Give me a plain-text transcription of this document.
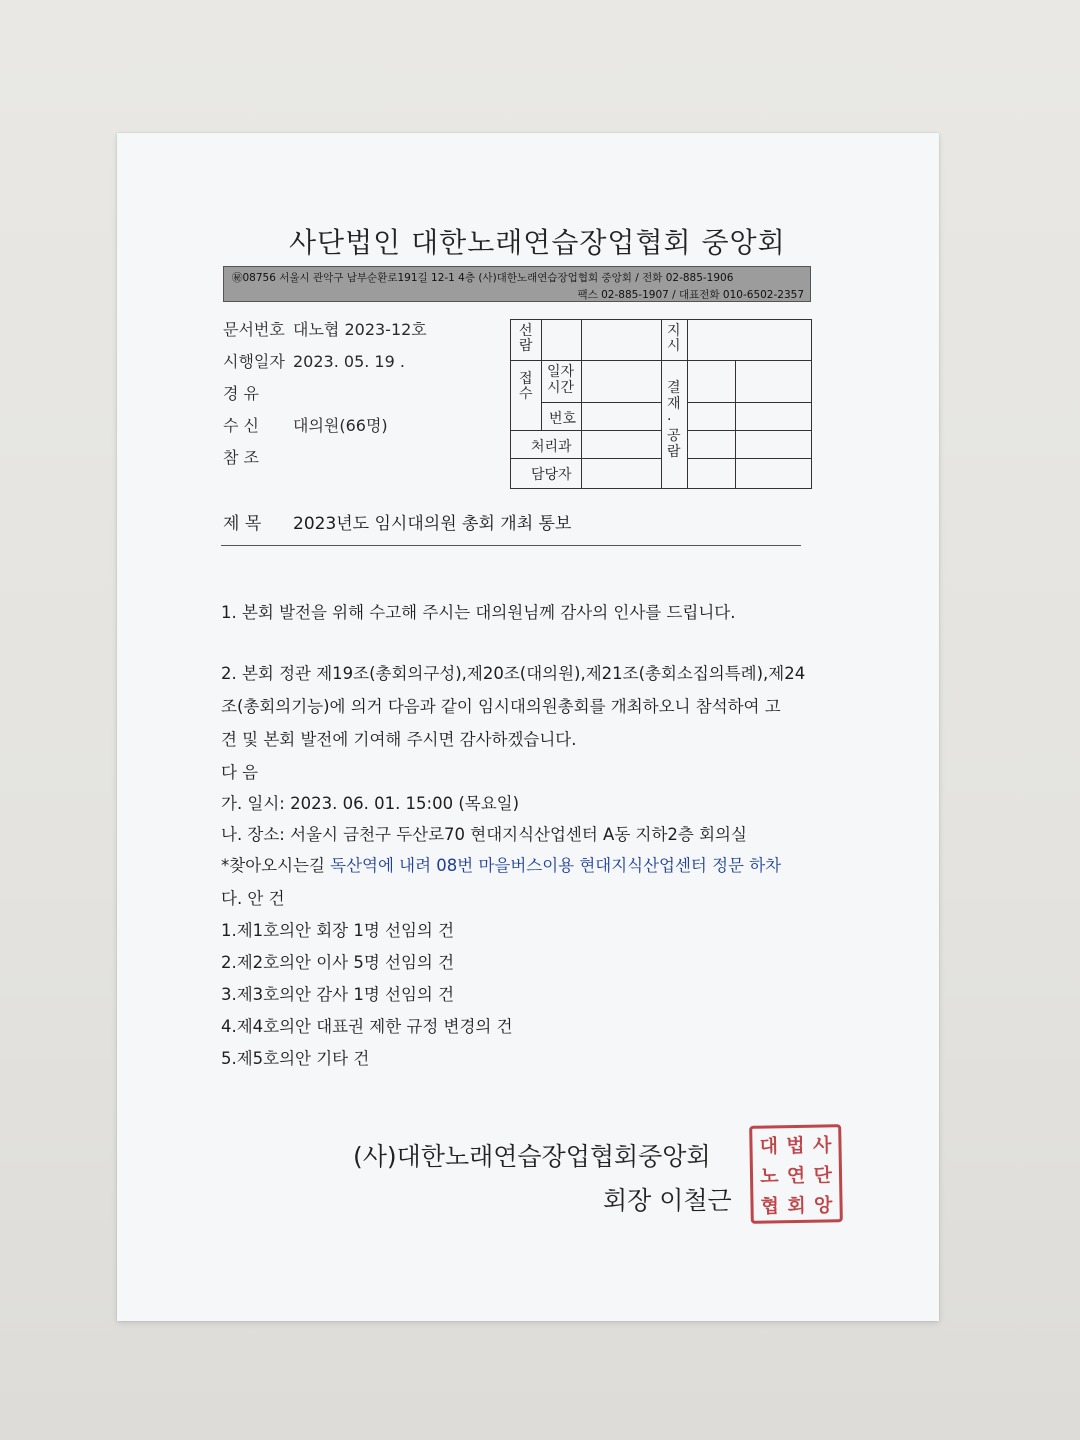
사단법인 대한노래연습장업협회 중앙회
㊙08756 서울시 관악구 남부순환로191길 12-1 4층 (사)대한노래연습장업협회 중앙회 / 전화 02-885-1906
팩스 02-885-1907 / 대표전화 010-6502-2357
문서번호 대노협 2023-12호
시행일자 2023. 05. 19 .
경 유
수 신 대의원(66명)
참 조
선람
지시
접수
일자시간
번호
결재·공람
처리과
담당자
제 목 2023년도 임시대의원 총회 개최 통보
1. 본회 발전을 위해 수고해 주시는 대의원님께 감사의 인사를 드립니다.
2. 본회 정관 제19조(총회의구성),제20조(대의원),제21조(총회소집의특례),제24
조(총회의기능)에 의거 다음과 같이 임시대의원총회를 개최하오니 참석하여 고
견 및 본회 발전에 기여해 주시면 감사하겠습니다.
다 음
가. 일시: 2023. 06. 01. 15:00 (목요일)
나. 장소: 서울시 금천구 두산로70 현대지식산업센터 A동 지하2층 회의실
*찾아오시는길 독산역에 내려 08번 마을버스이용 현대지식산업센터 정문 하차
다. 안 건
1.제1호의안 회장 1명 선임의 건
2.제2호의안 이사 5명 선임의 건
3.제3호의안 감사 1명 선임의 건
4.제4호의안 대표권 제한 규정 변경의 건
5.제5호의안 기타 건
(사)대한노래연습장업협회중앙회
회장 이철근
대 법 사
노 연 단
협 회 앙
